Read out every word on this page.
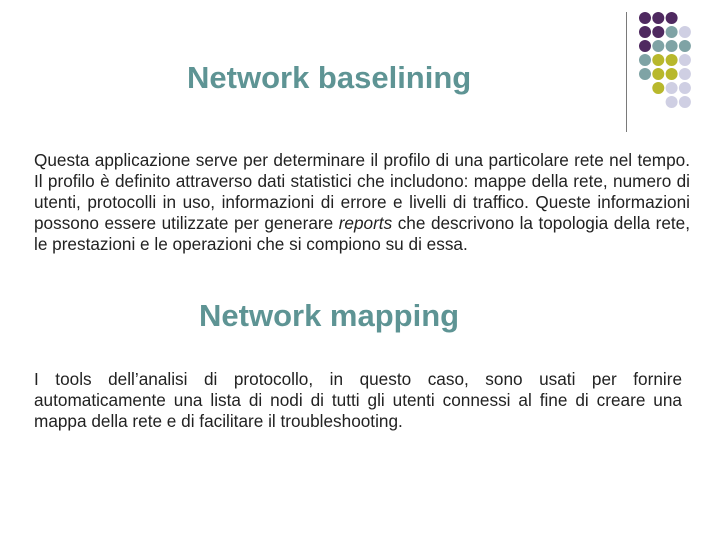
Network baselining

Questa applicazione serve per determinare il profilo di una particolare rete nel tempo. Il profilo è definito attraverso dati statistici che includono: mappe della rete, numero di utenti, protocolli in uso, informazioni di errore e livelli di traffico. Queste informazioni possono essere utilizzate per generare reports che descrivono la topologia della rete, le prestazioni e le operazioni che si compiono su di essa.

Network mapping

I tools dell’analisi di protocollo, in questo caso, sono usati per fornire automaticamente una lista di nodi di tutti gli utenti connessi al fine di creare una mappa della rete e di facilitare il troubleshooting.
